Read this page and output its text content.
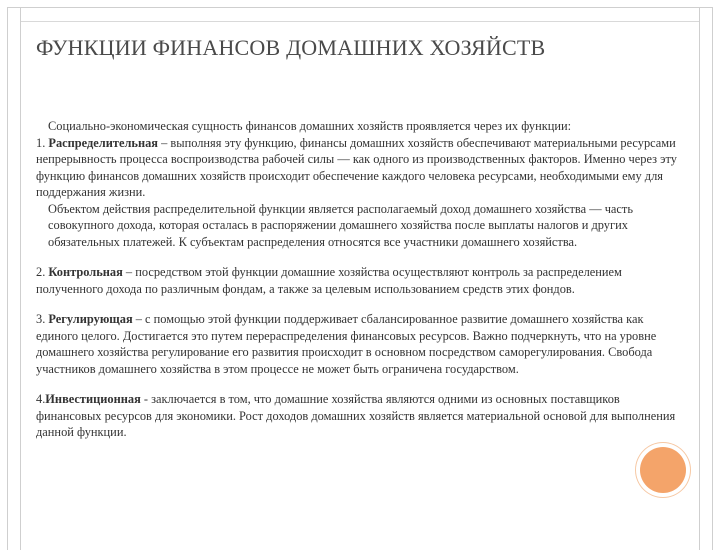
ФУНКЦИИ ФИНАНСОВ ДОМАШНИХ ХОЗЯЙСТВ

Социально-экономическая сущность финансов домашних хозяйств проявляется через их функции:

1. Распределительная – выполняя эту функцию, финансы домашних хозяйств обеспечивают материальными ресурсами непрерывность процесса воспроизводства рабочей силы — как одного из производственных факторов. Именно через эту функцию финансов домашних хозяйств происходит обеспечение каждого человека ресурсами, необходимыми ему для поддержания жизни.

Объектом действия распределительной функции является располагаемый доход домашнего хозяйства — часть совокупного дохода, которая осталась в распоряжении домашнего хозяйства после выплаты налогов и других обязательных платежей. К субъектам распределения относятся все участники домашнего хозяйства.

2. Контрольная – посредством этой функции домашние хозяйства осуществляют контроль за распределением полученного дохода по различным фондам, а также за целевым использованием средств этих фондов.

3. Регулирующая – с помощью этой функции поддерживает сбалансированное развитие домашнего хозяйства как единого целого. Достигается это путем перераспределения финансовых ресурсов. Важно подчеркнуть, что на уровне домашнего хозяйства регулирование его развития происходит в основном посредством саморегулирования. Свобода участников домашнего хозяйства в этом процессе не может быть ограничена государством.

4.Инвестиционная - заключается в том, что домашние хозяйства являются одними из основных поставщиков финансовых ресурсов для экономики. Рост доходов домашних хозяйств является материальной основой для выполнения данной функции.
